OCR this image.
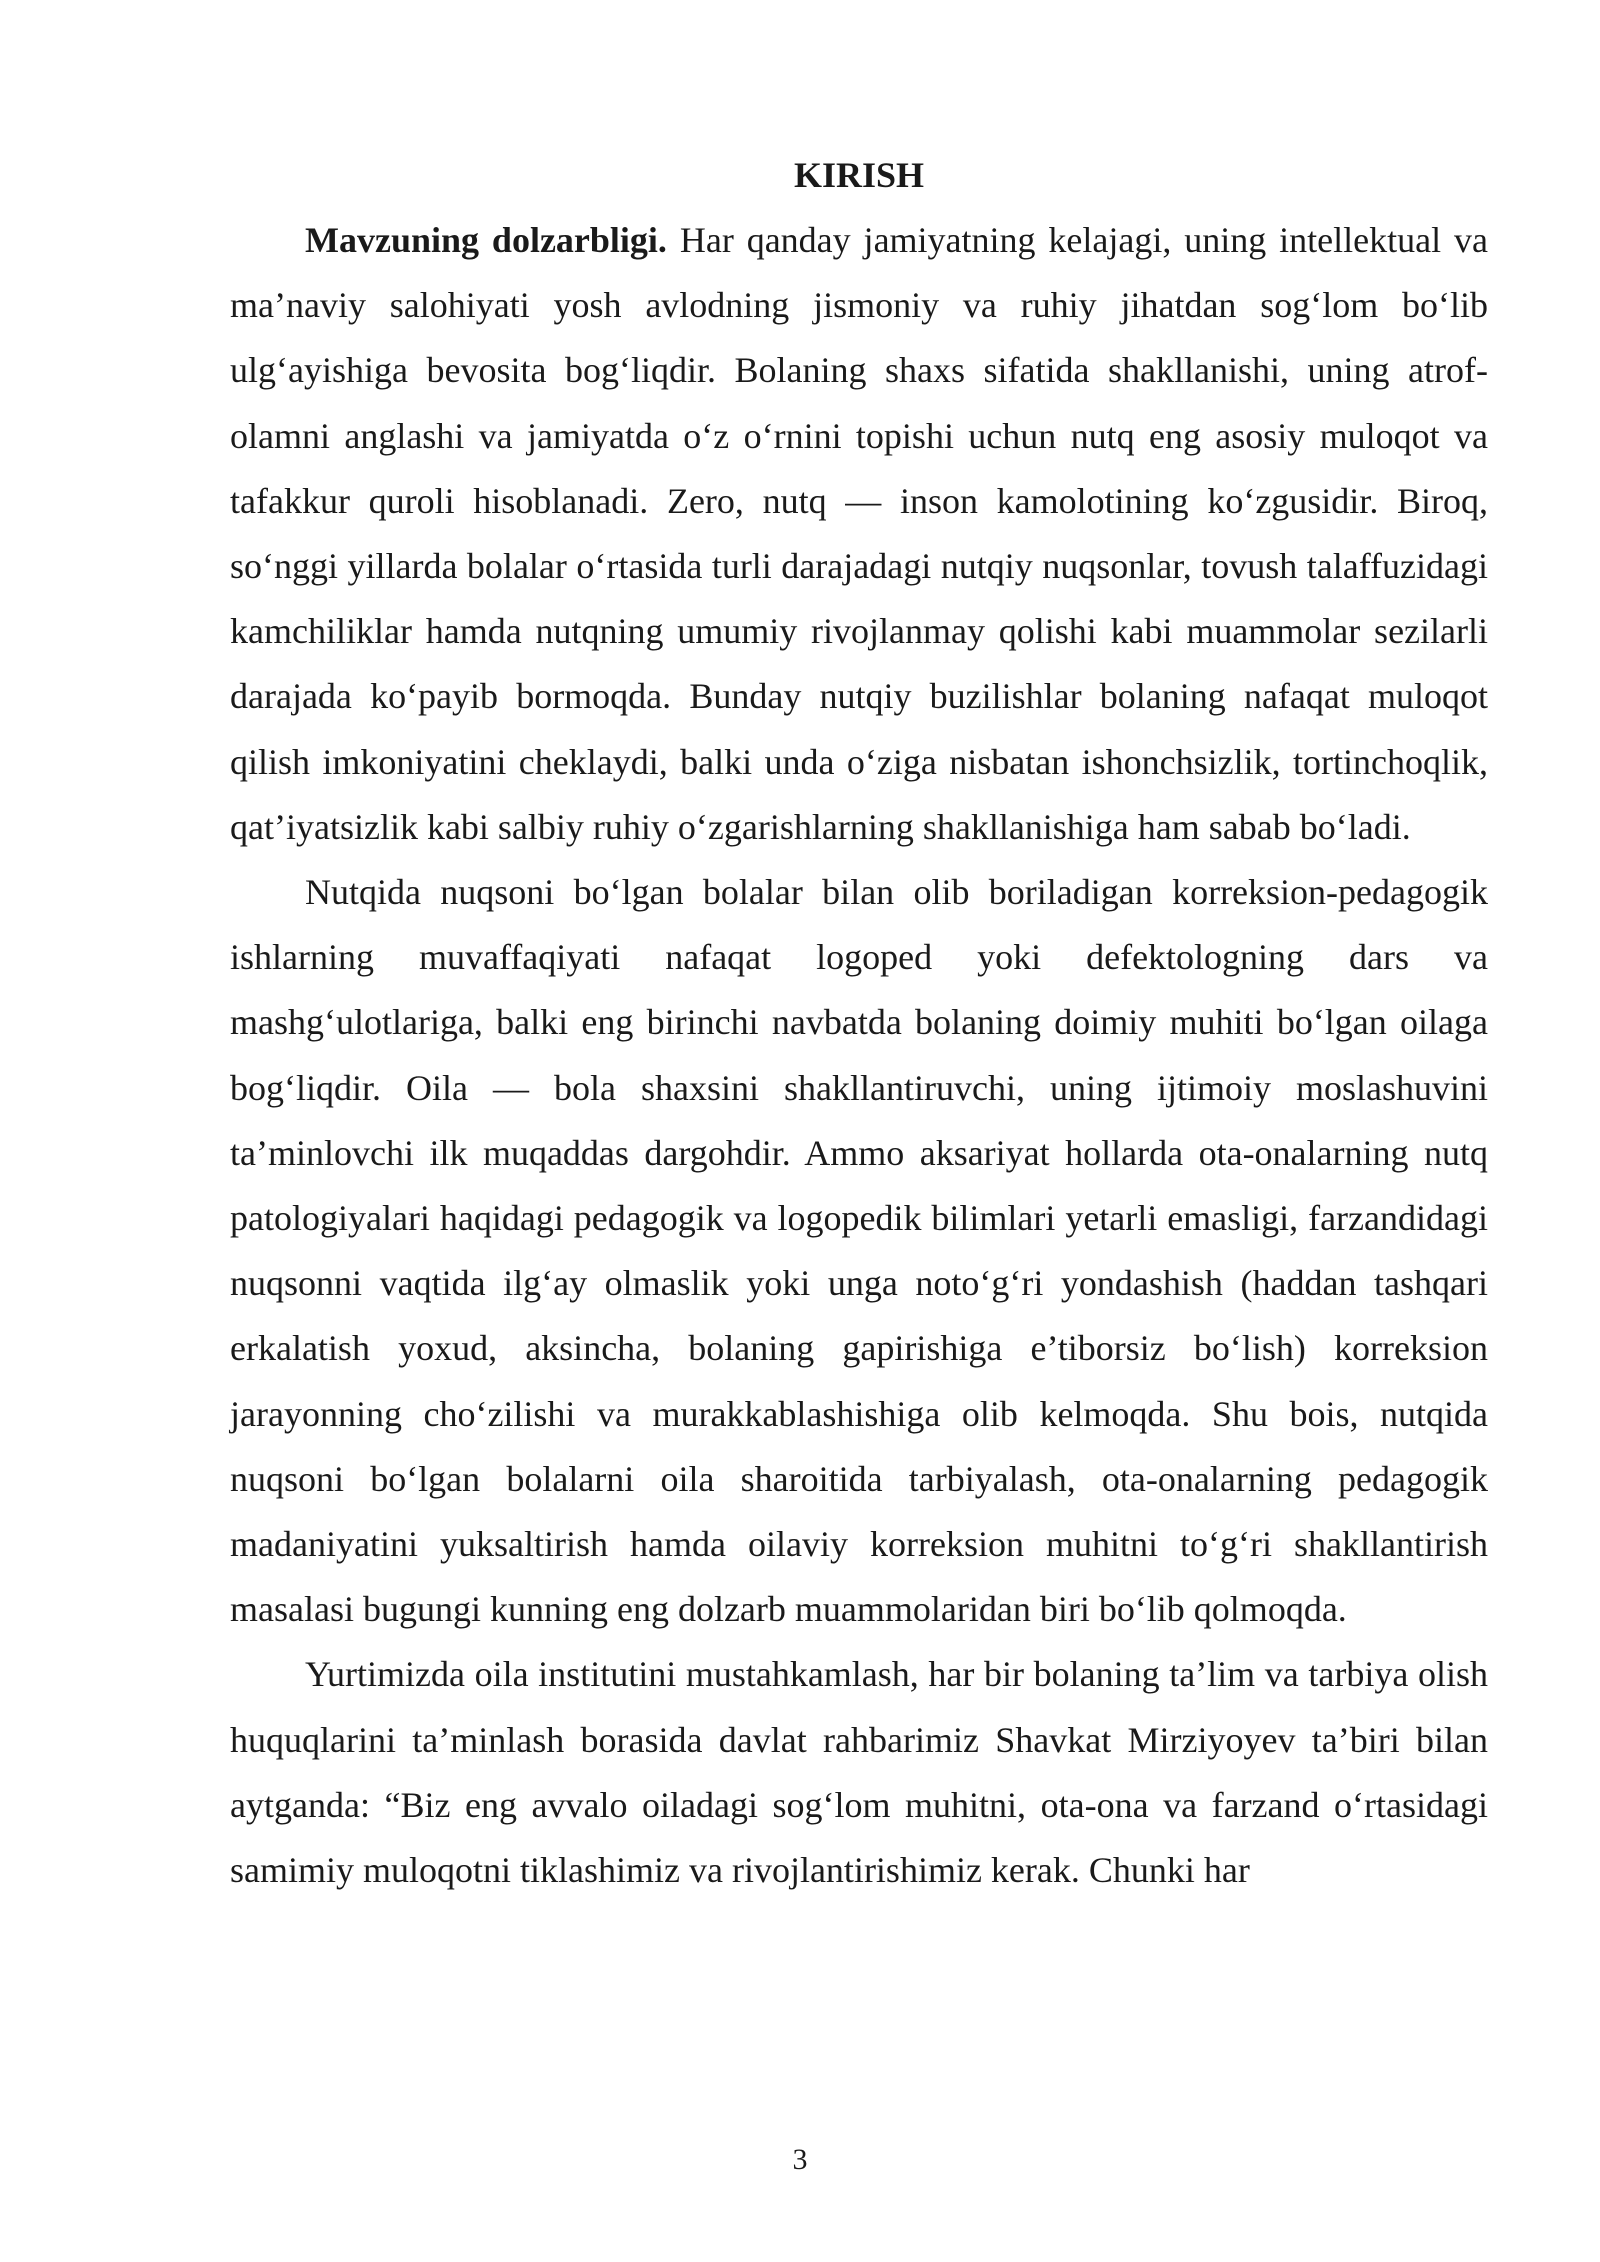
KIRISH

Mavzuning dolzarbligi. Har qanday jamiyatning kelajagi, uning intellektual va ma’naviy salohiyati yosh avlodning jismoniy va ruhiy jihatdan sog‘lom bo‘lib ulg‘ayishiga bevosita bog‘liqdir. Bolaning shaxs sifatida shakllanishi, uning atrof-olamni anglashi va jamiyatda o‘z o‘rnini topishi uchun nutq eng asosiy muloqot va tafakkur quroli hisoblanadi. Zero, nutq — inson kamolotining ko‘zgusidir. Biroq, so‘nggi yillarda bolalar o‘rtasida turli darajadagi nutqiy nuqsonlar, tovush talaffuzidagi kamchiliklar hamda nutqning umumiy rivojlanmay qolishi kabi muammolar sezilarli darajada ko‘payib bormoqda. Bunday nutqiy buzilishlar bolaning nafaqat muloqot qilish imkoniyatini cheklaydi, balki unda o‘ziga nisbatan ishonchsizlik, tortinchoqlik, qat’iyatsizlik kabi salbiy ruhiy o‘zgarishlarning shakllanishiga ham sabab bo‘ladi.

Nutqida nuqsoni bo‘lgan bolalar bilan olib boriladigan korreksion-pedagogik ishlarning muvaffaqiyati nafaqat logoped yoki defektologning dars va mashg‘ulotlariga, balki eng birinchi navbatda bolaning doimiy muhiti bo‘lgan oilaga bog‘liqdir. Oila — bola shaxsini shakllantiruvchi, uning ijtimoiy moslashuvini ta’minlovchi ilk muqaddas dargohdir. Ammo aksariyat hollarda ota-onalarning nutq patologiyalari haqidagi pedagogik va logopedik bilimlari yetarli emasligi, farzandidagi nuqsonni vaqtida ilg‘ay olmaslik yoki unga noto‘g‘ri yondashish (haddan tashqari erkalatish yoxud, aksincha, bolaning gapirishiga e’tiborsiz bo‘lish) korreksion jarayonning cho‘zilishi va murakkablashishiga olib kelmoqda. Shu bois, nutqida nuqsoni bo‘lgan bolalarni oila sharoitida tarbiyalash, ota-onalarning pedagogik madaniyatini yuksaltirish hamda oilaviy korreksion muhitni to‘g‘ri shakllantirish masalasi bugungi kunning eng dolzarb muammolaridan biri bo‘lib qolmoqda.

Yurtimizda oila institutini mustahkamlash, har bir bolaning ta’lim va tarbiya olish huquqlarini ta’minlash borasida davlat rahbarimiz Shavkat Mirziyoyev ta’biri bilan aytganda: “Biz eng avvalo oiladagi sog‘lom muhitni, ota-ona va farzand o‘rtasidagi samimiy muloqotni tiklashimiz va rivojlantirishimiz kerak. Chunki har

3
